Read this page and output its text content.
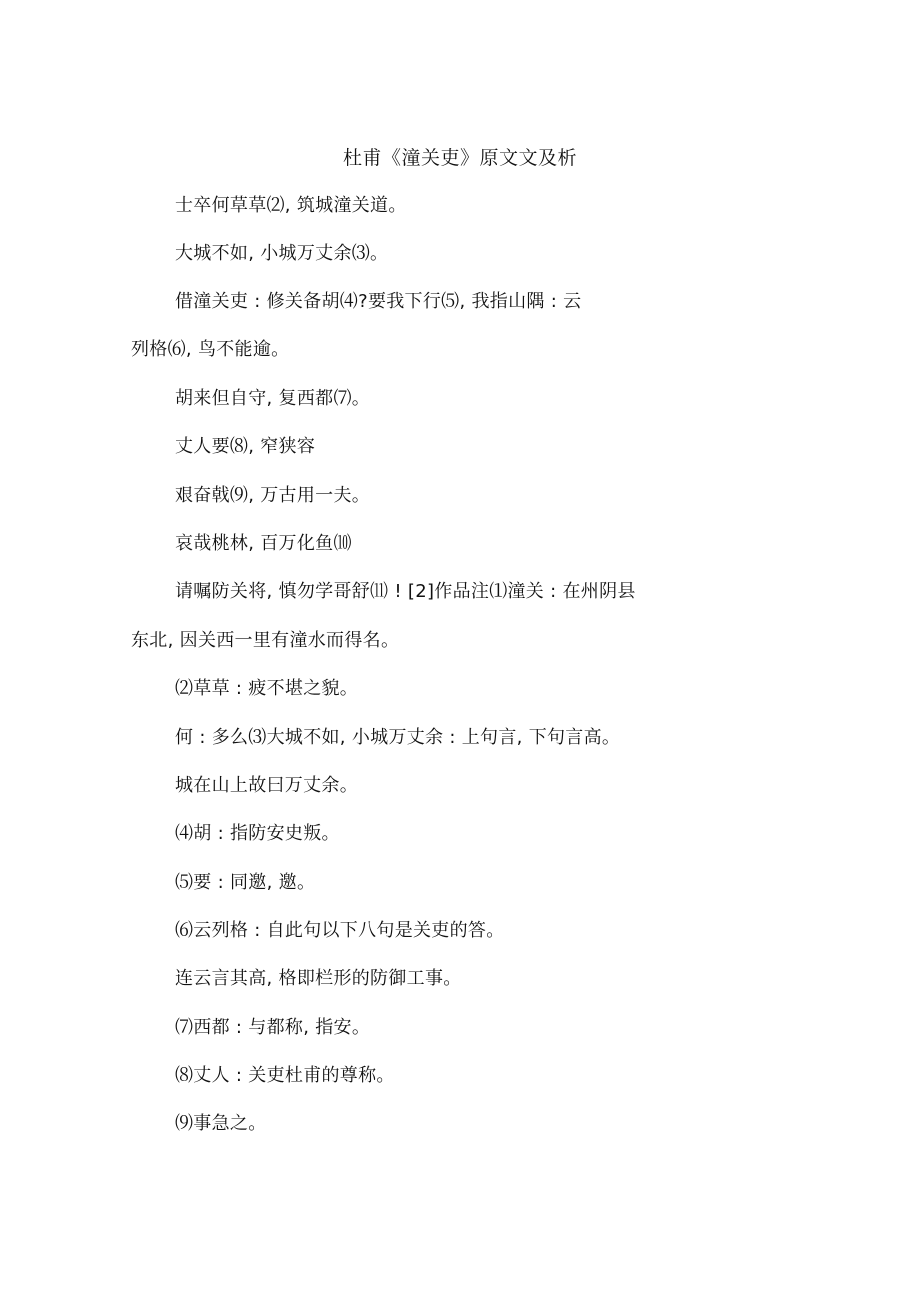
杜甫《潼关吏》原文文及析
士卒何草草⑵, 筑城潼关道。
大城不如, 小城万丈余⑶。
借潼关吏 : 修关备胡⑷?要我下行⑸, 我指山隅 : 云
列格⑹, 鸟不能逾。
胡来但自守, 复西都⑺。
丈人要⑻, 窄狭容
艰奋戟⑼, 万古用一夫。
哀哉桃林, 百万化鱼⑽
请嘱防关将, 慎勿学哥舒⑾ ! [2]作品注⑴潼关 : 在州阴县
东北, 因关西一里有潼水而得名。
⑵草草 : 疲不堪之貌。
何 : 多么⑶大城不如, 小城万丈余 : 上句言, 下句言高。
城在山上故曰万丈余。
⑷胡 : 指防安史叛。
⑸要 : 同邀, 邀。
⑹云列格 : 自此句以下八句是关吏的答。
连云言其高, 格即栏形的防御工事。
⑺西都 : 与都称, 指安。
⑻丈人 : 关吏杜甫的尊称。
⑼事急之。
